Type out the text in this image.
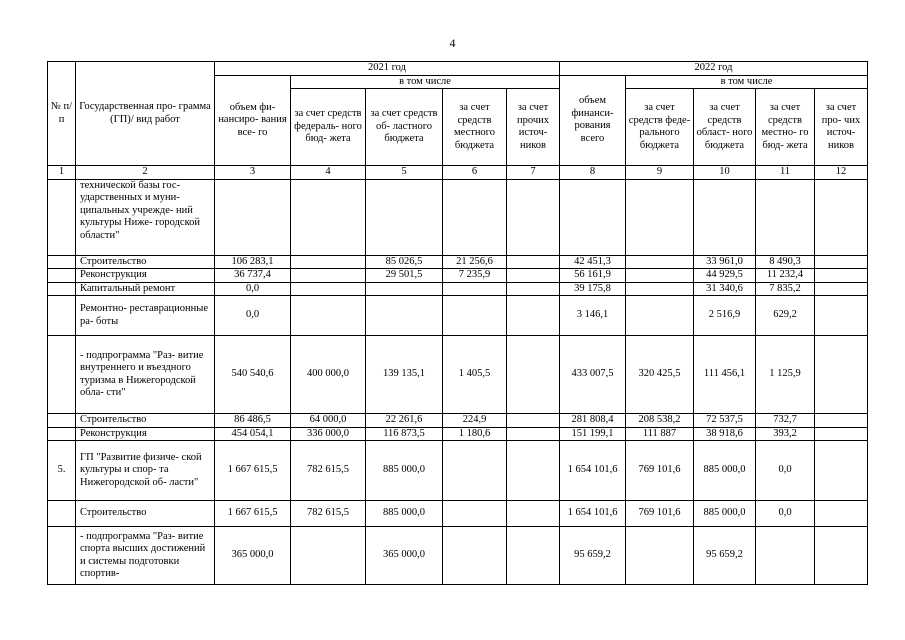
4
№ п/п	Государственная про- грамма (ГП)/ вид работ	2021 год					2022 год				
		объем фи- нансиро- вания все- го	в том числе				объем финанси- рования всего	в том числе			
			за счет средств федераль- ного бюд- жета	за счет средств об- ластного бюджета	за счет средств местного бюджета	за счет прочих источ- ников		за счет средств феде- рального бюджета	за счет средств област- ного бюджета	за счет средств местно- го бюд- жета	за счет про- чих источ- ников
1	2	3	4	5	6	7	8	9	10	11	12
	технической базы гос- ударственных и муни- ципальных учрежде- ний культуры Ниже- городской области"										
	Строительство	106 283,1		85 026,5	21 256,6		42 451,3		33 961,0	8 490,3	
	Реконструкция	36 737,4		29 501,5	7 235,9		56 161,9		44 929,5	11 232,4	
	Капитальный ремонт	0,0					39 175,8		31 340,6	7 835,2	
	Ремонтно- реставрационные ра- боты	0,0					3 146,1		2 516,9	629,2	
	- подпрограмма "Раз- витие внутреннего и въездного туризма в Нижегородской обла- сти"	540 540,6	400 000,0	139 135,1	1 405,5		433 007,5	320 425,5	111 456,1	1 125,9	
	Строительство	86 486,5	64 000,0	22 261,6	224,9		281 808,4	208 538,2	72 537,5	732,7	
	Реконструкция	454 054,1	336 000,0	116 873,5	1 180,6		151 199,1	111 887	38 918,6	393,2	
5.	ГП "Развитие физиче- ской культуры и спор- та Нижегородской об- ласти"	1 667 615,5	782 615,5	885 000,0			1 654 101,6	769 101,6	885 000,0	0,0	
	Строительство	1 667 615,5	782 615,5	885 000,0			1 654 101,6	769 101,6	885 000,0	0,0	
	- подпрограмма "Раз- витие спорта высших достижений и системы подготовки спортив-	365 000,0		365 000,0			95 659,2		95 659,2		
